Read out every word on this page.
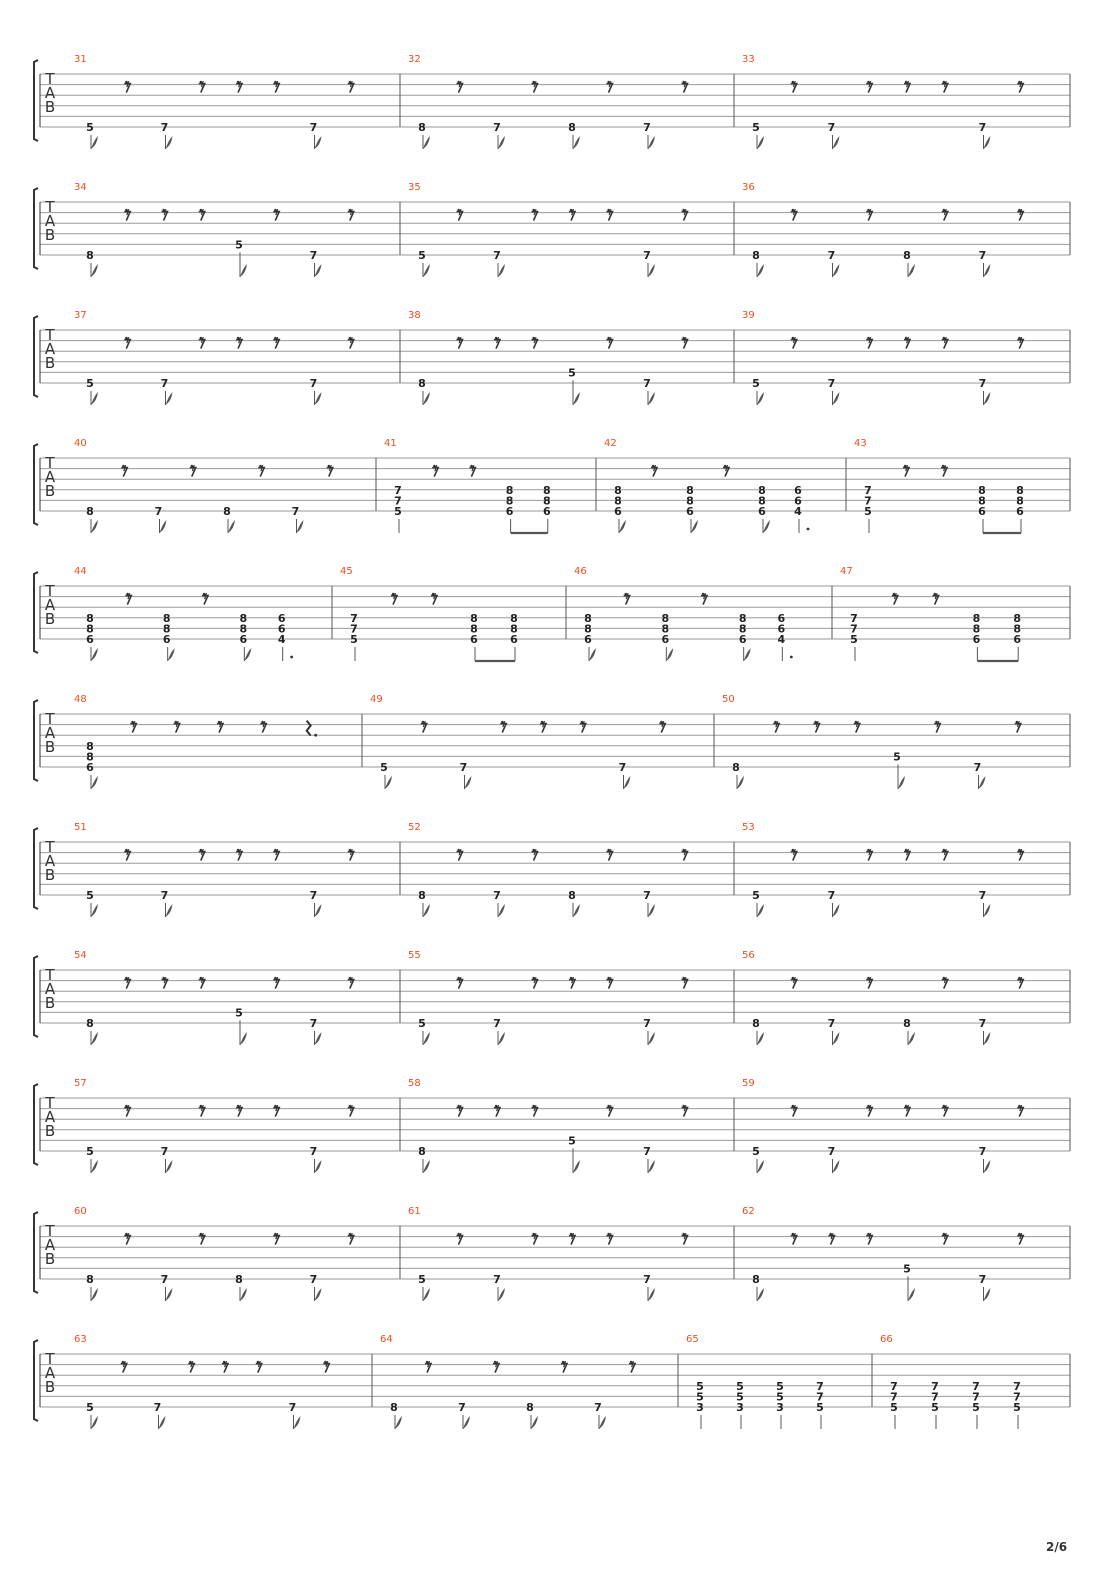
T
A
B
31
5
𝄾
7
𝄾 𝄾 𝄾
7
𝄾
32
8
𝄾
7
𝄾
8
𝄾
7
𝄾
33
5
𝄾
7
𝄾 𝄾 𝄾
7
𝄾
T
A
B
34
8
𝄾 𝄾 𝄾
5
𝄾
7
𝄾
35
5
𝄾
7
𝄾 𝄾 𝄾
7
𝄾
36
8
𝄾
7
𝄾
8
𝄾
7
𝄾
T
A
B
37
5
𝄾
7
𝄾 𝄾 𝄾
7
𝄾
38
8
𝄾 𝄾 𝄾
5
𝄾
7
𝄾
39
5
𝄾
7
𝄾 𝄾 𝄾
7
𝄾
T
A
B
40
8
𝄾
7
𝄾
8
𝄾
7
𝄾
41
7
7
5
𝄾 𝄾
8
8
6
8
8
6
42
8
8
6
𝄾
8
8
6
𝄾
8
8
6
6
6
4
43
7
7
5
𝄾 𝄾
8
8
6
8
8
6
T
A
B
44
8
8
6
𝄾
8
8
6
𝄾
8
8
6
6
6
4
45
7
7
5
𝄾 𝄾
8
8
6
8
8
6
46
8
8
6
𝄾
8
8
6
𝄾
8
8
6
6
6
4
47
7
7
5
𝄾 𝄾
8
8
6
8
8
6
T
A
B
48
8
8
6
𝄾 𝄾 𝄾 𝄾
49
5
𝄾
7
𝄾 𝄾 𝄾
7
𝄾
50
8
𝄾 𝄾 𝄾
5
𝄾
7
𝄾
T
A
B
51
5
𝄾
7
𝄾 𝄾 𝄾
7
𝄾
52
8
𝄾
7
𝄾
8
𝄾
7
𝄾
53
5
𝄾
7
𝄾 𝄾 𝄾
7
𝄾
T
A
B
54
8
𝄾 𝄾 𝄾
5
𝄾
7
𝄾
55
5
𝄾
7
𝄾 𝄾 𝄾
7
𝄾
56
8
𝄾
7
𝄾
8
𝄾
7
𝄾
T
A
B
57
5
𝄾
7
𝄾 𝄾 𝄾
7
𝄾
58
8
𝄾 𝄾 𝄾
5
𝄾
7
𝄾
59
5
𝄾
7
𝄾 𝄾 𝄾
7
𝄾
T
A
B
60
8
𝄾
7
𝄾
8
𝄾
7
𝄾
61
5
𝄾
7
𝄾 𝄾 𝄾
7
𝄾
62
8
𝄾 𝄾 𝄾
5
𝄾
7
𝄾
T
A
B
63
5
𝄾
7
𝄾 𝄾 𝄾
7
𝄾
64
8
𝄾
7
𝄾
8
𝄾
7
𝄾
65
5
5
3
5
5
3
5
5
3
7
7
5
66
7
7
5
7
7
5
7
7
5
7
7
5
2/6
